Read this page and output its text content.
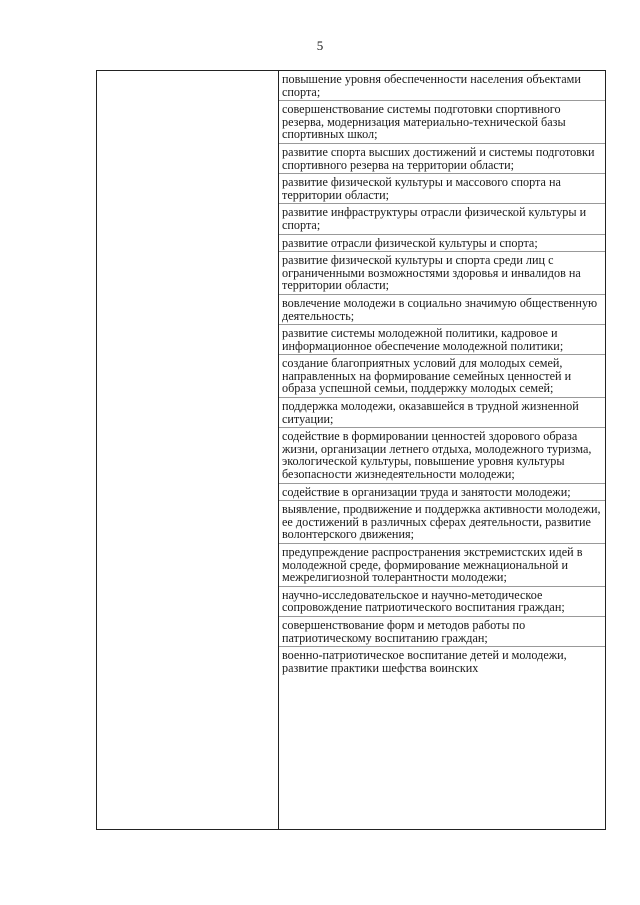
5
повышение уровня обеспеченности населения объектами спорта;
совершенствование системы подготовки спортивного резерва, модернизация материально-технической базы спортивных школ;
развитие спорта высших достижений и системы подготовки спортивного резерва на территории области;
развитие физической культуры и массового спорта на территории области;
развитие инфраструктуры отрасли физической культуры и спорта;
развитие отрасли физической культуры и спорта;
развитие физической культуры и спорта среди лиц с ограниченными возможностями здоровья и инвалидов на территории области;
вовлечение молодежи в социально значимую общественную деятельность;
развитие системы молодежной политики, кадровое и информационное обеспечение молодежной политики;
создание благоприятных условий для молодых семей, направленных на формирование семейных ценностей и образа успешной семьи, поддержку молодых семей;
поддержка молодежи, оказавшейся в трудной жизненной ситуации;
содействие в формировании ценностей здорового образа жизни, организации летнего отдыха, молодежного туризма, экологической культуры, повышение уровня культуры безопасности жизнедеятельности молодежи;
содействие в организации труда и занятости молодежи;
выявление, продвижение и поддержка активности молодежи, ее достижений в различных сферах деятельности, развитие волонтерского движения;
предупреждение распространения экстремистских идей в молодежной среде, формирование межнациональной и межрелигиозной толерантности молодежи;
научно-исследовательское и научно-методическое сопровождение патриотического воспитания граждан;
совершенствование форм и методов работы по патриотическому воспитанию граждан;
военно-патриотическое воспитание детей и молодежи, развитие практики шефства воинских
